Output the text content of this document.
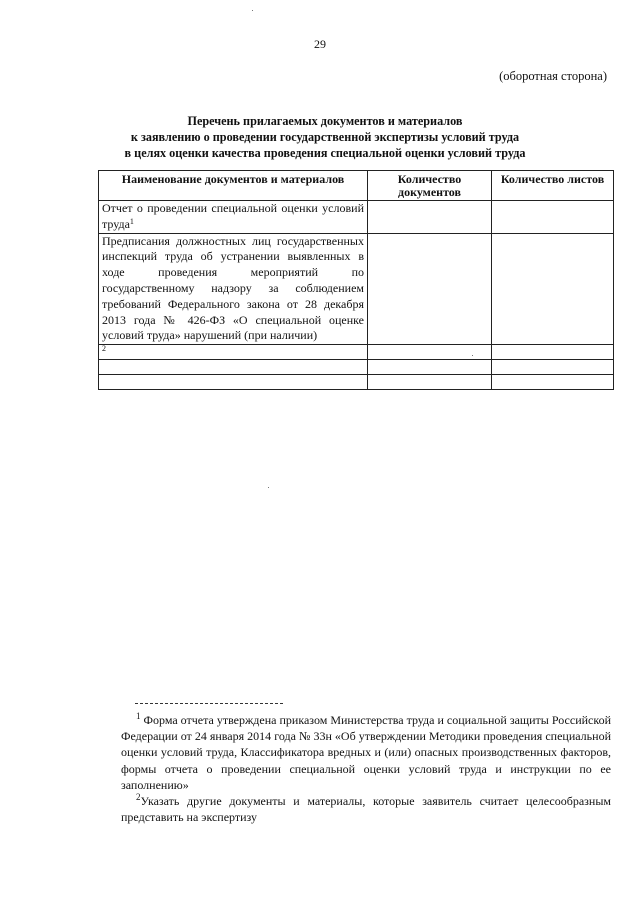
29
(оборотная сторона)
Перечень прилагаемых документов и материалов
к заявлению о проведении государственной экспертизы условий труда
в целях оценки качества проведения специальной оценки условий труда
Наименование документов и материалов	Количество документов	Количество листов
Отчет о проведении специальной оценки условий труда$^1$		
Предписания должностных лиц государственных инспекций труда об устранении выявленных в ходе проведения мероприятий по государственному надзору за соблюдением требований Федерального закона от 28 декабря 2013 года № 426-ФЗ «О специальной оценке условий труда» нарушений (при наличии)		
$^2$		

$^1$ Форма отчета утверждена приказом Министерства труда и социальной защиты Российской Федерации от 24 января 2014 года № 33н «Об утверждении Методики проведения специальной оценки условий труда, Классификатора вредных и (или) опасных производственных факторов, формы отчета о проведении специальной оценки условий труда и инструкции по ее заполнению»
$^2$Указать другие документы и материалы, которые заявитель считает целесообразным представить на экспертизу
